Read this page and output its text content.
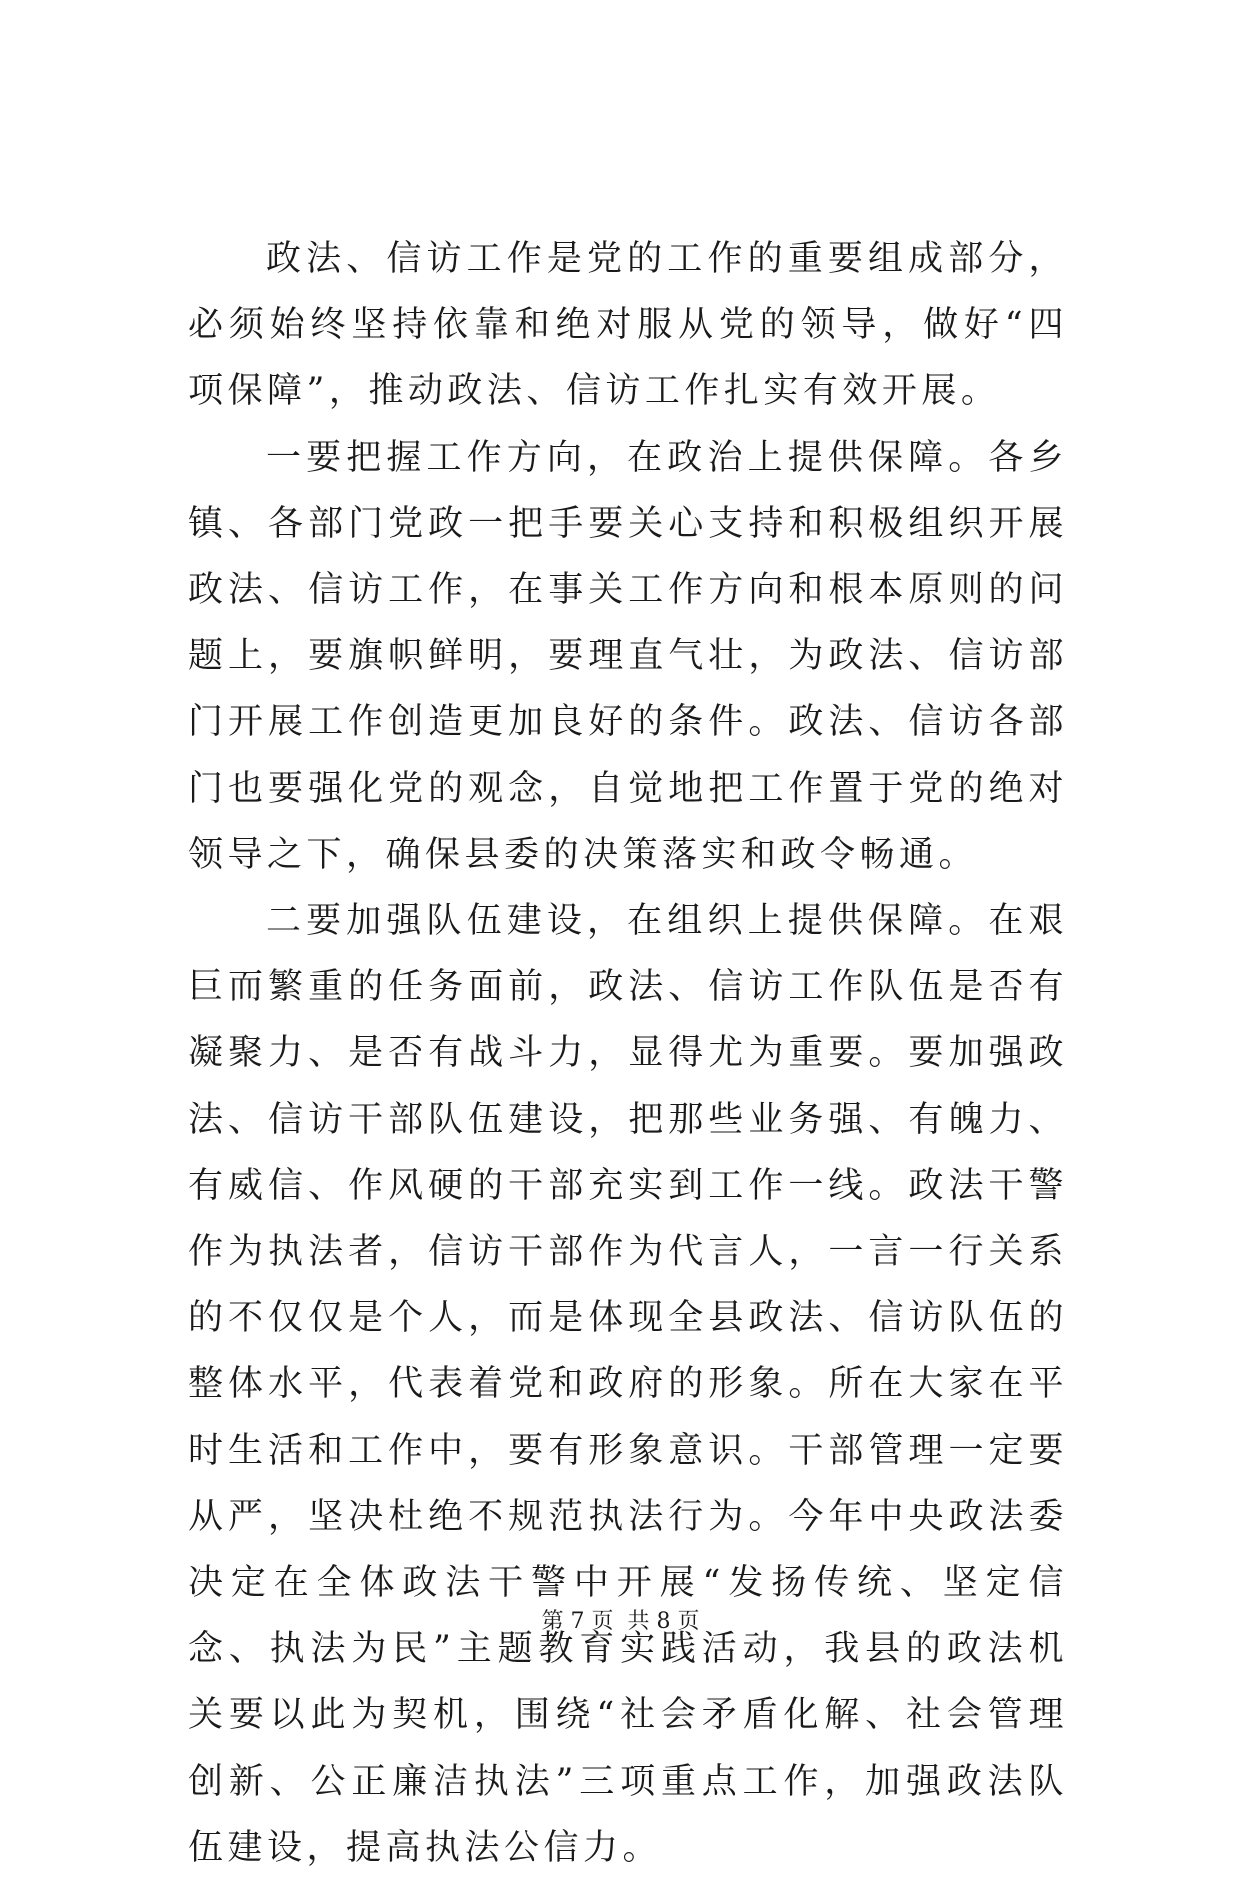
政法、信访工作是党的工作的重要组成部分，必须始终坚持依靠和绝对服从党的领导，做好“四项保障”，推动政法、信访工作扎实有效开展。

一要把握工作方向，在政治上提供保障。各乡镇、各部门党政一把手要关心支持和积极组织开展政法、信访工作，在事关工作方向和根本原则的问题上，要旗帜鲜明，要理直气壮，为政法、信访部门开展工作创造更加良好的条件。政法、信访各部门也要强化党的观念，自觉地把工作置于党的绝对领导之下，确保县委的决策落实和政令畅通。

二要加强队伍建设，在组织上提供保障。在艰巨而繁重的任务面前，政法、信访工作队伍是否有凝聚力、是否有战斗力，显得尤为重要。要加强政法、信访干部队伍建设，把那些业务强、有魄力、有威信、作风硬的干部充实到工作一线。政法干警作为执法者，信访干部作为代言人，一言一行关系的不仅仅是个人，而是体现全县政法、信访队伍的整体水平，代表着党和政府的形象。所在大家在平时生活和工作中，要有形象意识。干部管理一定要从严，坚决杜绝不规范执法行为。今年中央政法委决定在全体政法干警中开展“发扬传统、坚定信念、执法为民”主题教育实践活动，我县的政法机关要以此为契机，围绕“社会矛盾化解、社会管理创新、公正廉洁执法”三项重点工作，加强政法队伍建设，提高执法公信力。

第 7 页  共 8 页
